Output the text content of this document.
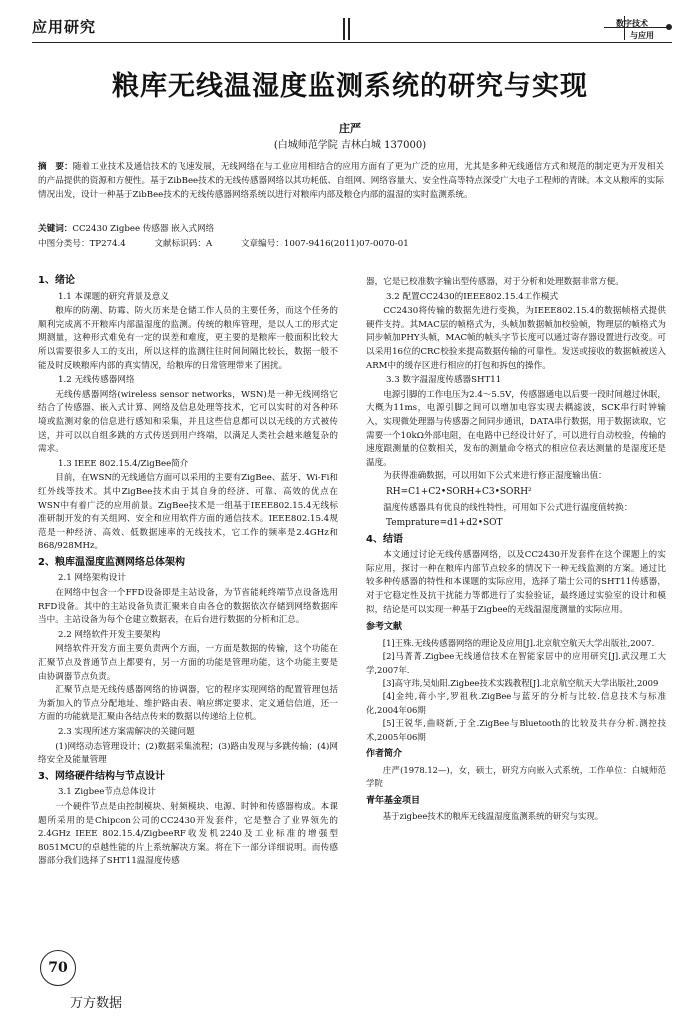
应用研究	数字技术
与应用
粮库无线温湿度监测系统的研究与实现
庄严
(白城师范学院 吉林白城 137000)
摘　要：随着工业技术及通信技术的飞速发展，无线网络在与工业应用相结合的应用方面有了更为广泛的应用，尤其是多种无线通信方式和规范的制定更为开发相关的产品提供的资源和方便性。基于ZibBee技术的无线传感器网络以其功耗低、自组网、网络容量大、安全性高等特点深受广大电子工程师的青睐。本文从粮库的实际情况出发，设计一种基于ZibBee技术的无线传感器网络系统以进行对粮库内部及粮仓内部的温湿的实时监测系统。
关键词：CC2430 Zigbee 传感器 嵌入式网络
中图分类号：TP274.4	文献标识码：A	文章编号：1007-9416(2011)07-0070-01
1、绪论
1.1 本课题的研究背景及意义

粮库的防潮、防霉、防火历来是仓储工作人员的主要任务，而这个任务的顺利完成离不开粮库内部温湿度的监测。传统的粮库管理，是以人工的形式定期测量，这种形式难免有一定的误差和难度，更主要的是粮库一般面积比较大所以需要很多人工的支出，所以这样的监测往往时间间隔比较长，数据一般不能及时反映粮库内部的真实情况，给粮库的日常管理带来了困扰。

1.2 无线传感器网络

无线传感器网络(wireless sensor networks，WSN)是一种无线网络它结合了传感器、嵌入式计算、网络及信息处理等技术，它可以实时的对各种环境或监测对象的信息进行感知和采集，并且这些信息都可以以无线的方式被传送，并可以以自组多跳的方式传送到用户终端，以满足人类社会越来越复杂的需求。

1.3 IEEE 802.15.4/ZigBee简介

目前，在WSN的无线通信方面可以采用的主要有ZigBee、蓝牙、Wi-Fi和红外线等技术。其中ZigBee技术由于其自身的经济、可靠、高效的优点在WSN中有着广泛的应用前景。ZigBee技术是一组基于IEEE802.15.4无线标准研制开发的有关组网、安全和应用软件方面的通信技术。IEEE802.15.4规范是一种经济、高效、低数据速率的无线技术，它工作的频率是2.4GHz和868/928MHz。

2、粮库温湿度监测网络总体架构
2.1 网络架构设计

在网络中包含一个FFD设备即是主站设备，为节省能耗终端节点设备选用RFD设备。其中的主站设备负责汇聚来自由各仓的数据依次存储到网络数据库当中。主站设备为每个仓建立数据表，在后台进行数据的分析和汇总。

2.2 网络软件开发主要架构

网络软件开发方面主要负责两个方面，一方面是数据的传输，这个功能在汇聚节点及普通节点上都要有，另一方面的功能是管理功能，这个功能主要是由协调器节点负责。

汇聚节点是无线传感器网络的协调器，它的程序实现网络的配置管理包括为新加入的节点分配地址、维护路由表、响应绑定要求、定义通信信道，还一方面的功能就是汇聚由各结点传来的数据以传递给上位机。

2.3 实现所述方案需解决的关键问题

(1)网络动态管理设计；(2)数据采集流程；(3)路由发现与多跳传输；(4)网络安全及能量管理

3、网络硬件结构与节点设计
3.1 Zigbee节点总体设计

一个硬件节点是由控制模块、射频模块、电源、时钟和传感器构成。本课题所采用的是Chipcon公司的CC2430开发套件，它是整合了业界领先的2.4GHz IEEE 802.15.4/ZigbeeRF收发机2240及工业标准的增强型8051MCU的卓越性能的片上系统解决方案。将在下一部分详细说明。而传感器部分我们选择了SHT11温湿度传感

器，它是已校准数字输出型传感器，对于分析和处理数据非常方便。

3.2 配置CC2430的IEEE802.15.4工作模式

CC2430将传输的数据先进行变换，为IEEE802.15.4的数据帧格式提供硬件支持。其MAC层的帧格式为，头帧加数据帧加校验帧，物理层的帧格式为同步帧加PHY头帧，MAC帧的帧头字节长度可以通过寄存器设置进行改变。可以采用16位的CRC校验来提高数据传输的可靠性。发送或接收的数据帧被送入ARM中的缓存区进行相应的打包和拆包的操作。

3.3 数字温湿度传感器SHT11

电源引脚的工作电压为2.4～5.5V，传感器通电以后要一段时间越过休眠，大概为11ms，电源引脚之间可以增加电容实现去耦滤波，SCK串行时钟输入，实现微处理器与传感器之间同步通讯，DATA串行数据，用于数据读取，它需要一个10kΩ外部电阻，在电路中已经设计好了，可以进行自动校验，传输的速度跟测量的位数相关，发布的测量命令格式的相应位表达测量的是湿度还是温度。

为获得准确数据，可以用如下公式来进行修正湿度输出值：

RH=C1+C2•SORH+C3•SORH²

温度传感器具有优良的线性特性，可用如下公式进行温度值转换：

Temprature=d1+d2•SOT
4、结语

本文通过讨论无线传感器网络，以及CC2430开发套件在这个课题上的实际应用，探讨一种在粮库内部节点较多的情况下一种无线监测的方案。通过比较多种传感器的特性和本课题的实际应用，选择了瑞士公司的SHT11传感器，对于它稳定性及抗干扰能力等都进行了实验验证，最终通过实验室的设计和模拟，结论是可以实现一种基于Zigbee的无线温湿度测量的实际应用。

参考文献

[1]王殊.无线传感器网络的理论及应用[J].北京航空航天大学出版社,2007.

[2]马菁菁.Zigbee无线通信技术在智能家居中的应用研究[J].武汉理工大学,2007年.

[3]高守玮,吴灿阳.Zigbee技术实践教程[J].北京航空航天大学出版社,2009

[4]金纯,蒋小宇,罗祖秋.ZigBee与蓝牙的分析与比较.信息技术与标准化,2004年06期

[5]王锐华,曲晓新,于全.ZigBee与Bluetooth的比较及共存分析.测控技术,2005年06期

作者简介

庄严(1978.12—)，女，硕士，研究方向嵌入式系统，工作单位：白城师范学院

青年基金项目

基于zigbee技术的粮库无线温湿度监测系统的研究与实现。

70
万方数据
